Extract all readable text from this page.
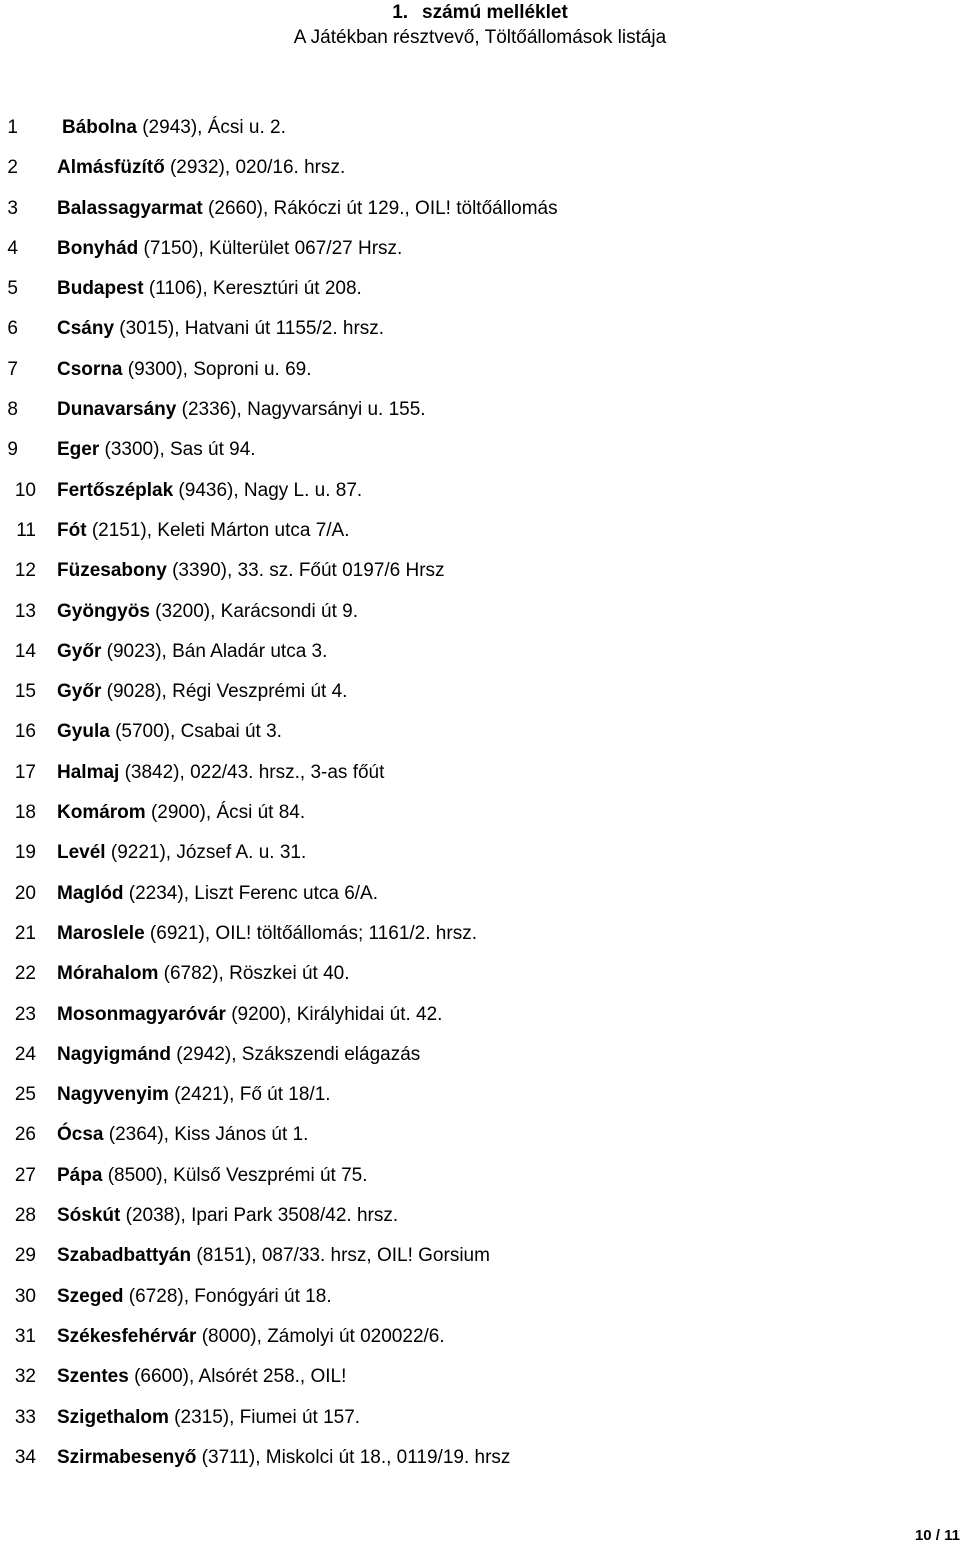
1. számú melléklet
A Játékban résztvevő, Töltőállomások listája
1 Bábolna (2943), Ácsi u. 2.
2 Almásfüzítő (2932), 020/16. hrsz.
3 Balassagyarmat (2660), Rákóczi út 129., OIL! töltőállomás
4 Bonyhád (7150), Külterület 067/27 Hrsz.
5 Budapest (1106), Keresztúri út 208.
6 Csány (3015), Hatvani út 1155/2. hrsz.
7 Csorna (9300), Soproni u. 69.
8 Dunavarsány (2336), Nagyvarsányi u. 155.
9 Eger (3300), Sas út 94.
10 Fertőszéplak (9436), Nagy L. u. 87.
11 Fót (2151), Keleti Márton utca 7/A.
12 Füzesabony (3390), 33. sz. Főút 0197/6 Hrsz
13 Gyöngyös (3200), Karácsondi út 9.
14 Győr (9023), Bán Aladár utca 3.
15 Győr (9028), Régi Veszprémi út 4.
16 Gyula (5700), Csabai út 3.
17 Halmaj (3842), 022/43. hrsz., 3-as főút
18 Komárom (2900), Ácsi út 84.
19 Levél (9221), József A. u. 31.
20 Maglód (2234), Liszt Ferenc utca 6/A.
21 Maroslele (6921), OIL! töltőállomás; 1161/2. hrsz.
22 Mórahalom (6782), Röszkei út 40.
23 Mosonmagyaróvár (9200), Királyhidai út. 42.
24 Nagyigmánd (2942), Szákszendi elágazás
25 Nagyvenyim (2421), Fő út 18/1.
26 Ócsa (2364), Kiss János út 1.
27 Pápa (8500), Külső Veszprémi út 75.
28 Sóskút (2038), Ipari Park 3508/42. hrsz.
29 Szabadbattyán (8151), 087/33. hrsz, OIL! Gorsium
30 Szeged (6728), Fonógyári út 18.
31 Székesfehérvár (8000), Zámolyi út 020022/6.
32 Szentes (6600), Alsórét 258., OIL!
33 Szigethalom (2315), Fiumei út 157.
34 Szirmabesenyő (3711), Miskolci út 18., 0119/19. hrsz
10 / 11
